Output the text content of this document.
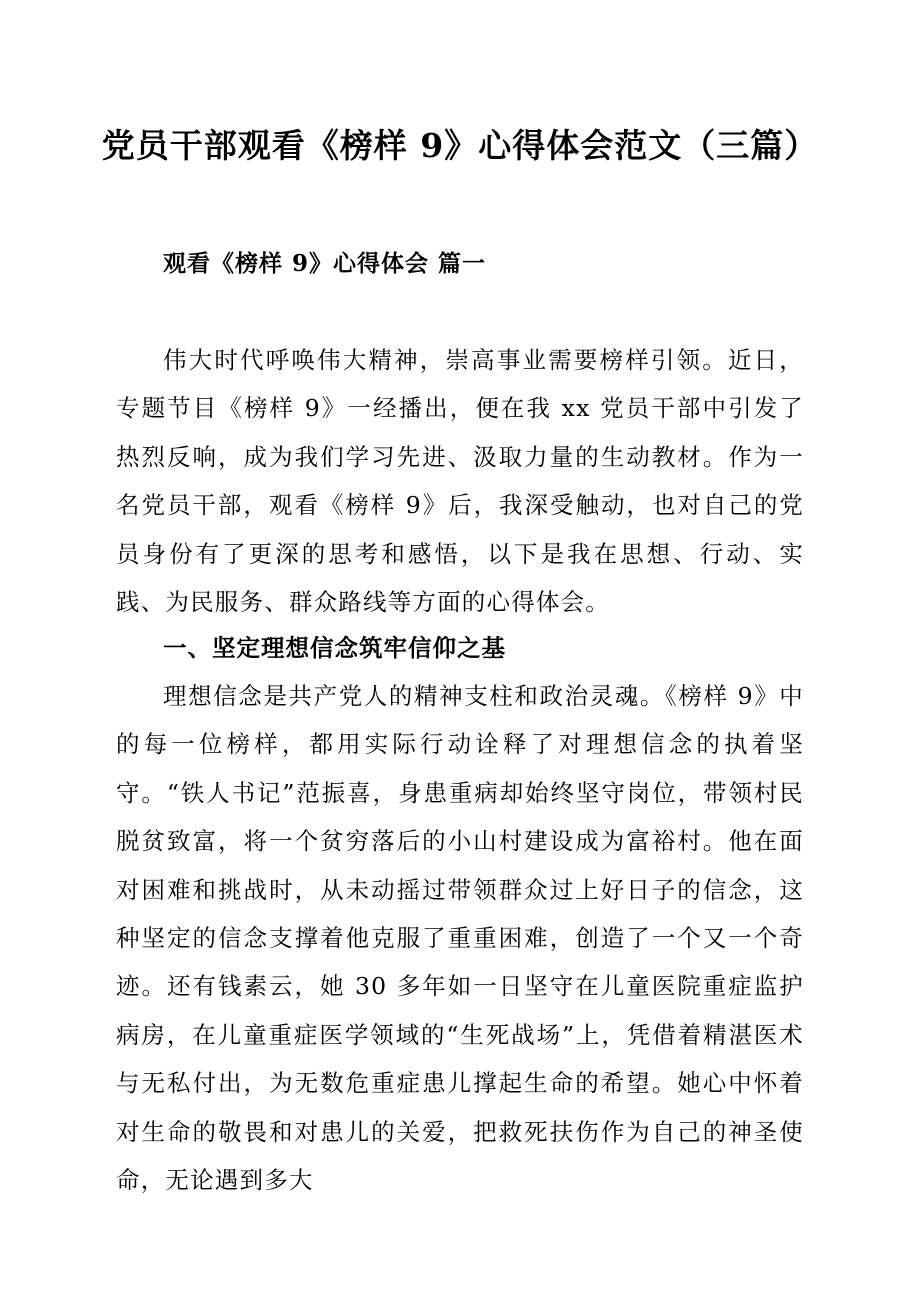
党员干部观看《榜样 9》心得体会范文（三篇）
观看《榜样 9》心得体会 篇一

伟大时代呼唤伟大精神，崇高事业需要榜样引领。近日，专题节目《榜样 9》一经播出，便在我 xx 党员干部中引发了热烈反响，成为我们学习先进、汲取力量的生动教材。作为一名党员干部，观看《榜样 9》后，我深受触动，也对自己的党员身份有了更深的思考和感悟，以下是我在思想、行动、实践、为民服务、群众路线等方面的心得体会。

一、坚定理想信念筑牢信仰之基

理想信念是共产党人的精神支柱和政治灵魂。《榜样 9》中的每一位榜样，都用实际行动诠释了对理想信念的执着坚守。“铁人书记”范振喜，身患重病却始终坚守岗位，带领村民脱贫致富，将一个贫穷落后的小山村建设成为富裕村。他在面对困难和挑战时，从未动摇过带领群众过上好日子的信念，这种坚定的信念支撑着他克服了重重困难，创造了一个又一个奇迹。还有钱素云，她 30 多年如一日坚守在儿童医院重症监护病房，在儿童重症医学领域的“生死战场”上，凭借着精湛医术与无私付出，为无数危重症患儿撑起生命的希望。她心中怀着对生命的敬畏和对患儿的关爱，把救死扶伤作为自己的神圣使命，无论遇到多大
